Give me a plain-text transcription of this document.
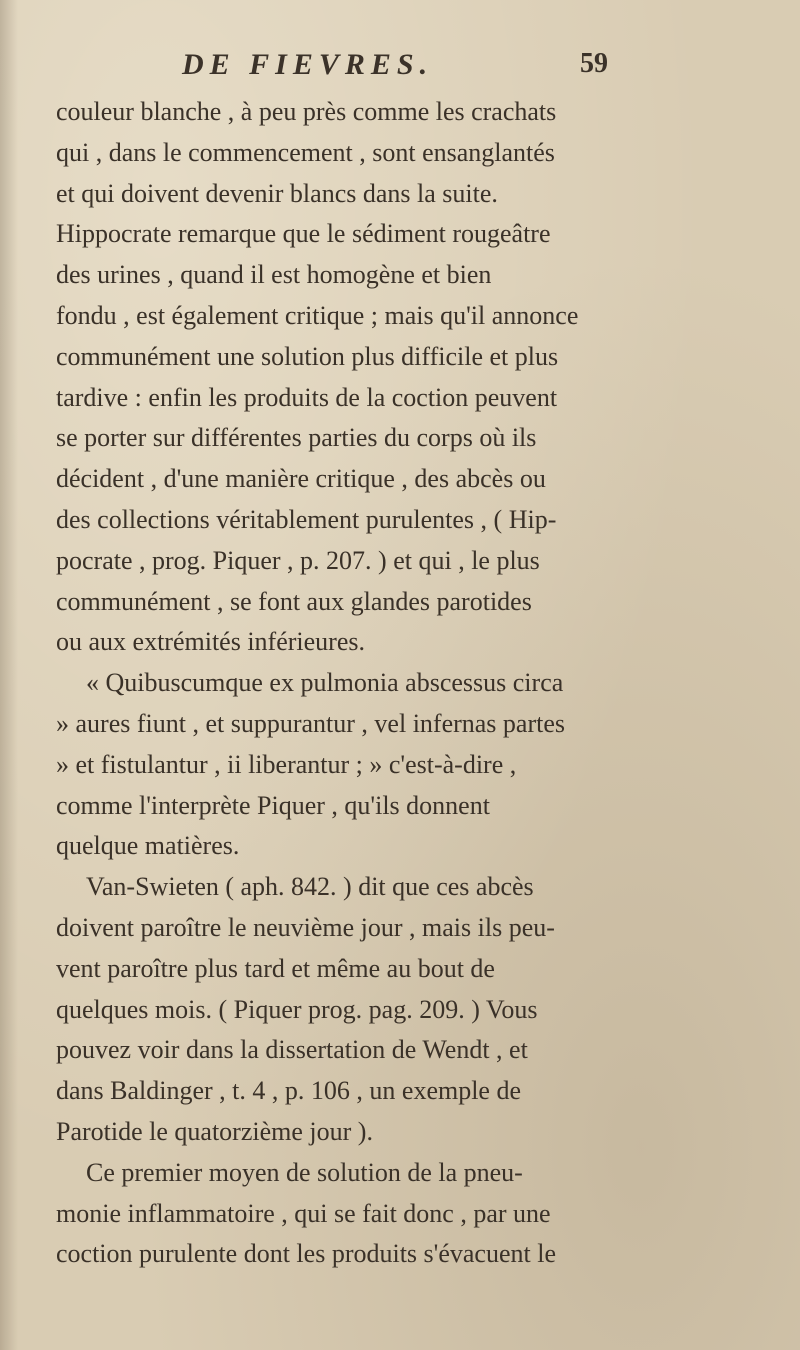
DE FIEVRES.	59
couleur blanche , à peu près comme les crachats
qui , dans le commencement , sont ensanglantés
et qui doivent devenir blancs dans la suite.
Hippocrate remarque que le sédiment rougeâtre
des urines , quand il est homogène et bien
fondu , est également critique ; mais qu'il annonce
communément une solution plus difficile et plus
tardive : enfin les produits de la coction peuvent
se porter sur différentes parties du corps où ils
décident , d'une manière critique , des abcès ou
des collections véritablement purulentes , ( Hip-
pocrate , prog. Piquer , p. 207. ) et qui , le plus
communément , se font aux glandes parotides
ou aux extrémités inférieures.
« Quibuscumque ex pulmonia abscessus circa
» aures fiunt , et suppurantur , vel infernas partes
» et fistulantur , ii liberantur ; » c'est-à-dire ,
comme l'interprète Piquer , qu'ils donnent
quelque matières.
Van-Swieten ( aph. 842. ) dit que ces abcès
doivent paroître le neuvième jour , mais ils peu-
vent paroître plus tard et même au bout de
quelques mois. ( Piquer prog. pag. 209. ) Vous
pouvez voir dans la dissertation de Wendt , et
dans Baldinger , t. 4 , p. 106 , un exemple de
Parotide le quatorzième jour ).
Ce premier moyen de solution de la pneu-
monie inflammatoire , qui se fait donc , par une
coction purulente dont les produits s'évacuent le
